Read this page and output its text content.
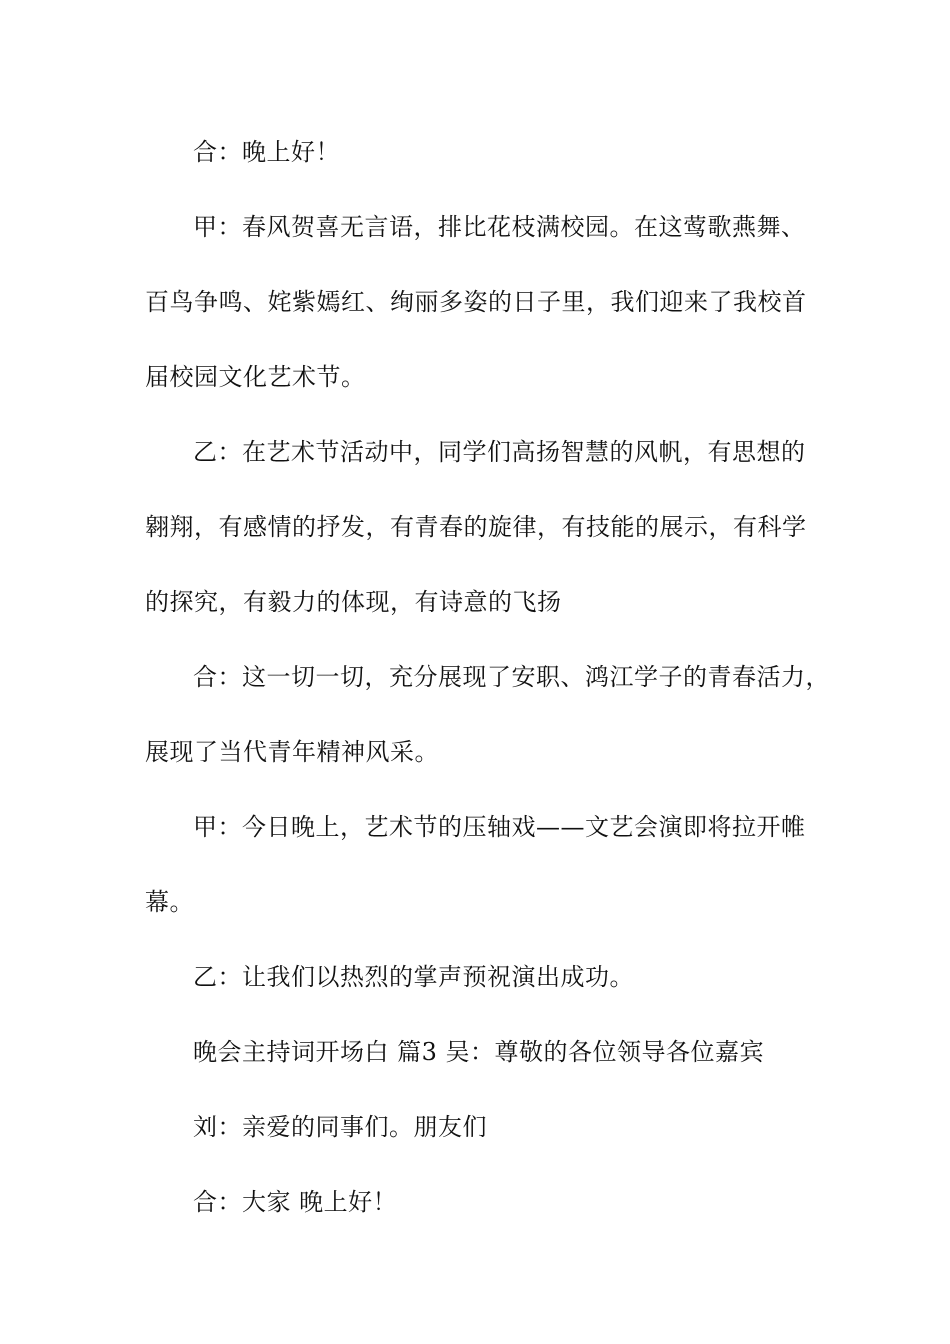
合：晚上好！
甲：春风贺喜无言语，排比花枝满校园。在这莺歌燕舞、
百鸟争鸣、姹紫嫣红、绚丽多姿的日子里，我们迎来了我校首
届校园文化艺术节。
乙：在艺术节活动中，同学们高扬智慧的风帆，有思想的
翱翔，有感情的抒发，有青春的旋律，有技能的展示，有科学
的探究，有毅力的体现，有诗意的飞扬
合：这一切一切，充分展现了安职、鸿江学子的青春活力，
展现了当代青年精神风采。
甲：今日晚上，艺术节的压轴戏——文艺会演即将拉开帷
幕。
乙：让我们以热烈的掌声预祝演出成功。
晚会主持词开场白 篇3 吴：尊敬的各位领导各位嘉宾
刘：亲爱的同事们。朋友们
合：大家 晚上好！
